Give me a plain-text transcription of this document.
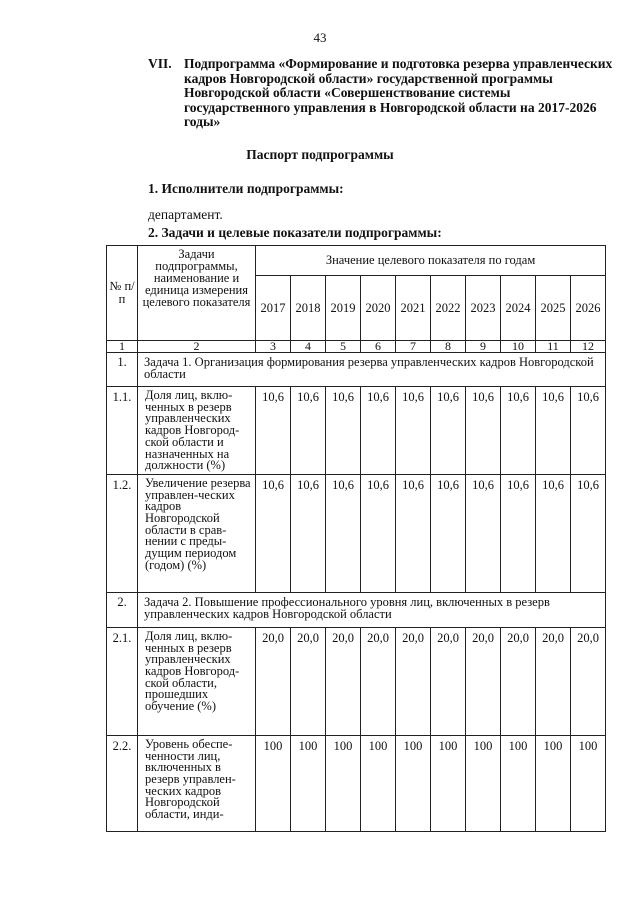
43
VII. Подпрограмма «Формирование и подготовка резерва управленческих кадров Новгородской области» государственной программы Новгородской области «Совершенствование системы государственного управления в Новгородской области на 2017-2026 годы»
Паспорт подпрограммы
1. Исполнители подпрограммы:
департамент.
2. Задачи и целевые показатели подпрограммы:
№ п/п	Задачи подпрограммы, наименование и единица измерения целевого показателя	Значение целевого показателя по годам									
		2017	2018	2019	2020	2021	2022	2023	2024	2025	2026
1	2	3	4	5	6	7	8	9	10	11	12
1.	Задача 1. Организация формирования резерва управленческих кадров Новгородской области										
1.1.	Доля лиц, вклю-ченных в резерв управленческих кадров Новгород-ской области и назначенных на должности (%)	10,6	10,6	10,6	10,6	10,6	10,6	10,6	10,6	10,6	10,6
1.2.	Увеличение резерва управлен-ческих кадров Новгородской области в срав-нении с преды-дущим периодом (годом) (%)	10,6	10,6	10,6	10,6	10,6	10,6	10,6	10,6	10,6	10,6
2.	Задача 2. Повышение профессионального уровня лиц, включенных в резерв управленческих кадров Новгородской области										
2.1.	Доля лиц, вклю-ченных в резерв управленческих кадров Новгород-ской области, прошедших обучение (%)	20,0	20,0	20,0	20,0	20,0	20,0	20,0	20,0	20,0	20,0
2.2.	Уровень обеспе-ченности лиц, включенных в резерв управлен-ческих кадров Новгородской области, инди-	100	100	100	100	100	100	100	100	100	100
